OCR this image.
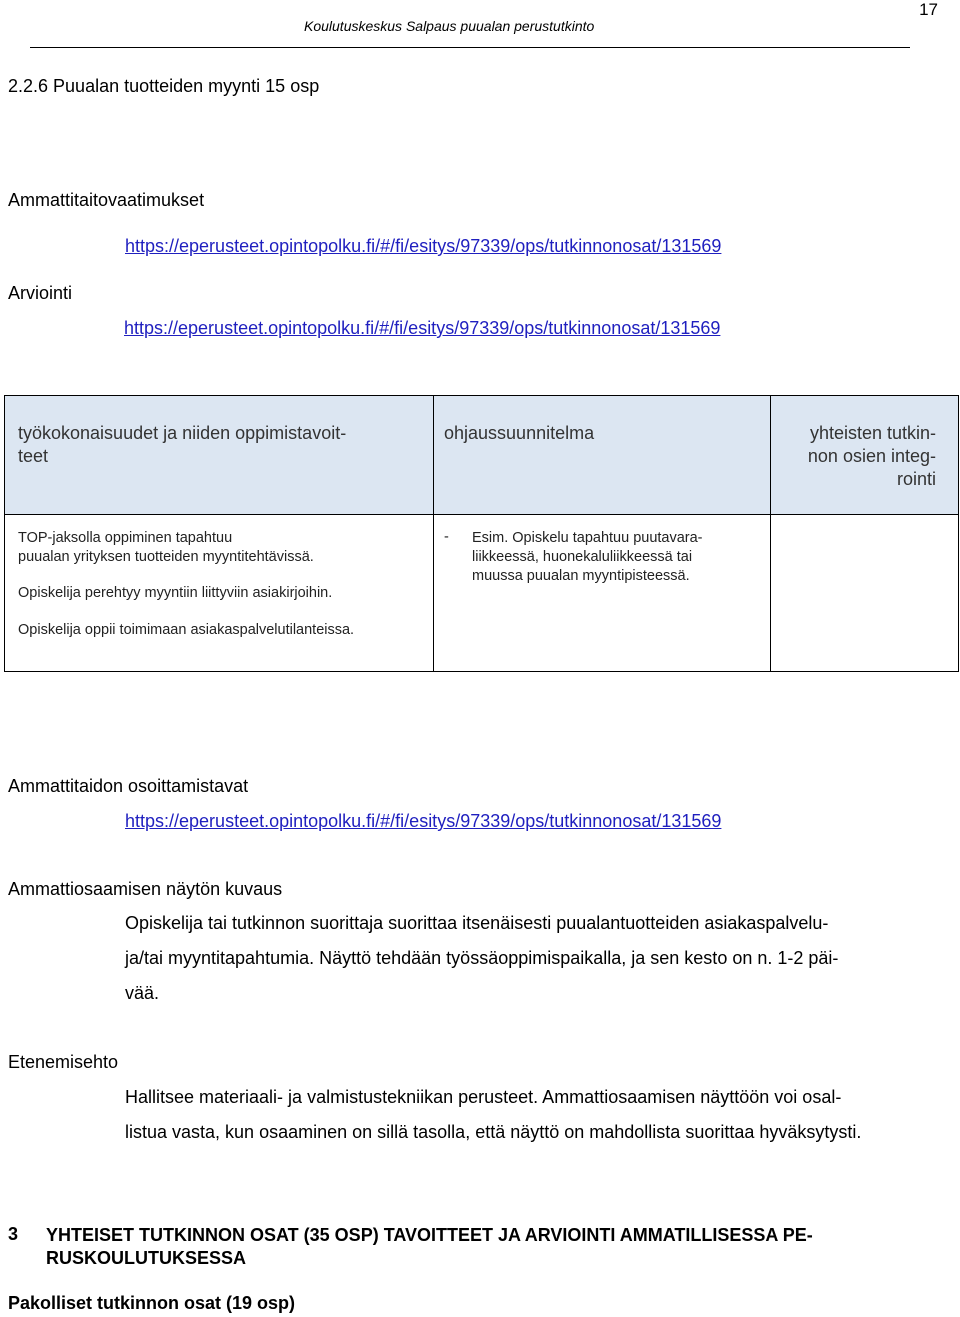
17
Koulutuskeskus Salpaus puualan perustutkinto
2.2.6 Puualan tuotteiden myynti 15 osp
Ammattitaitovaatimukset
https://eperusteet.opintopolku.fi/#/fi/esitys/97339/ops/tutkinnonosat/131569
Arviointi
https://eperusteet.opintopolku.fi/#/fi/esitys/97339/ops/tutkinnonosat/131569
työkokonaisuudet ja niiden oppimistavoit-
teet	ohjaussuunnitelma	yhteisten tutkin-
non osien integ-
rointi

TOP-jaksolla oppiminen tapahtuu
puualan yrityksen tuotteiden myyntitehtävissä.
Opiskelija perehtyy myyntiin liittyviin asiakirjoihin.
Opiskelija oppii toimimaan asiakaspalvelutilanteissa.	- Esim. Opiskelu tapahtuu puutavara-
liikkeessä, huonekaluliikkeessä tai
muussa puualan myyntipisteessä.	

Ammattitaidon osoittamistavat
https://eperusteet.opintopolku.fi/#/fi/esitys/97339/ops/tutkinnonosat/131569
Ammattiosaamisen näytön kuvaus
Opiskelija tai tutkinnon suorittaja suorittaa itsenäisesti puualantuotteiden asiakaspalvelu-
ja/tai myyntitapahtumia. Näyttö tehdään työssäoppimispaikalla, ja sen kesto on n. 1-2 päi-
vää.
Etenemisehto
Hallitsee materiaali- ja valmistustekniikan perusteet. Ammattiosaamisen näyttöön voi osal-
listua vasta, kun osaaminen on sillä tasolla, että näyttö on mahdollista suorittaa hyväksytysti.
3 YHTEISET TUTKINNON OSAT (35 OSP) TAVOITTEET JA ARVIOINTI AMMATILLISESSA PE-
RUSKOULUTUKSESSA
Pakolliset tutkinnon osat (19 osp)
